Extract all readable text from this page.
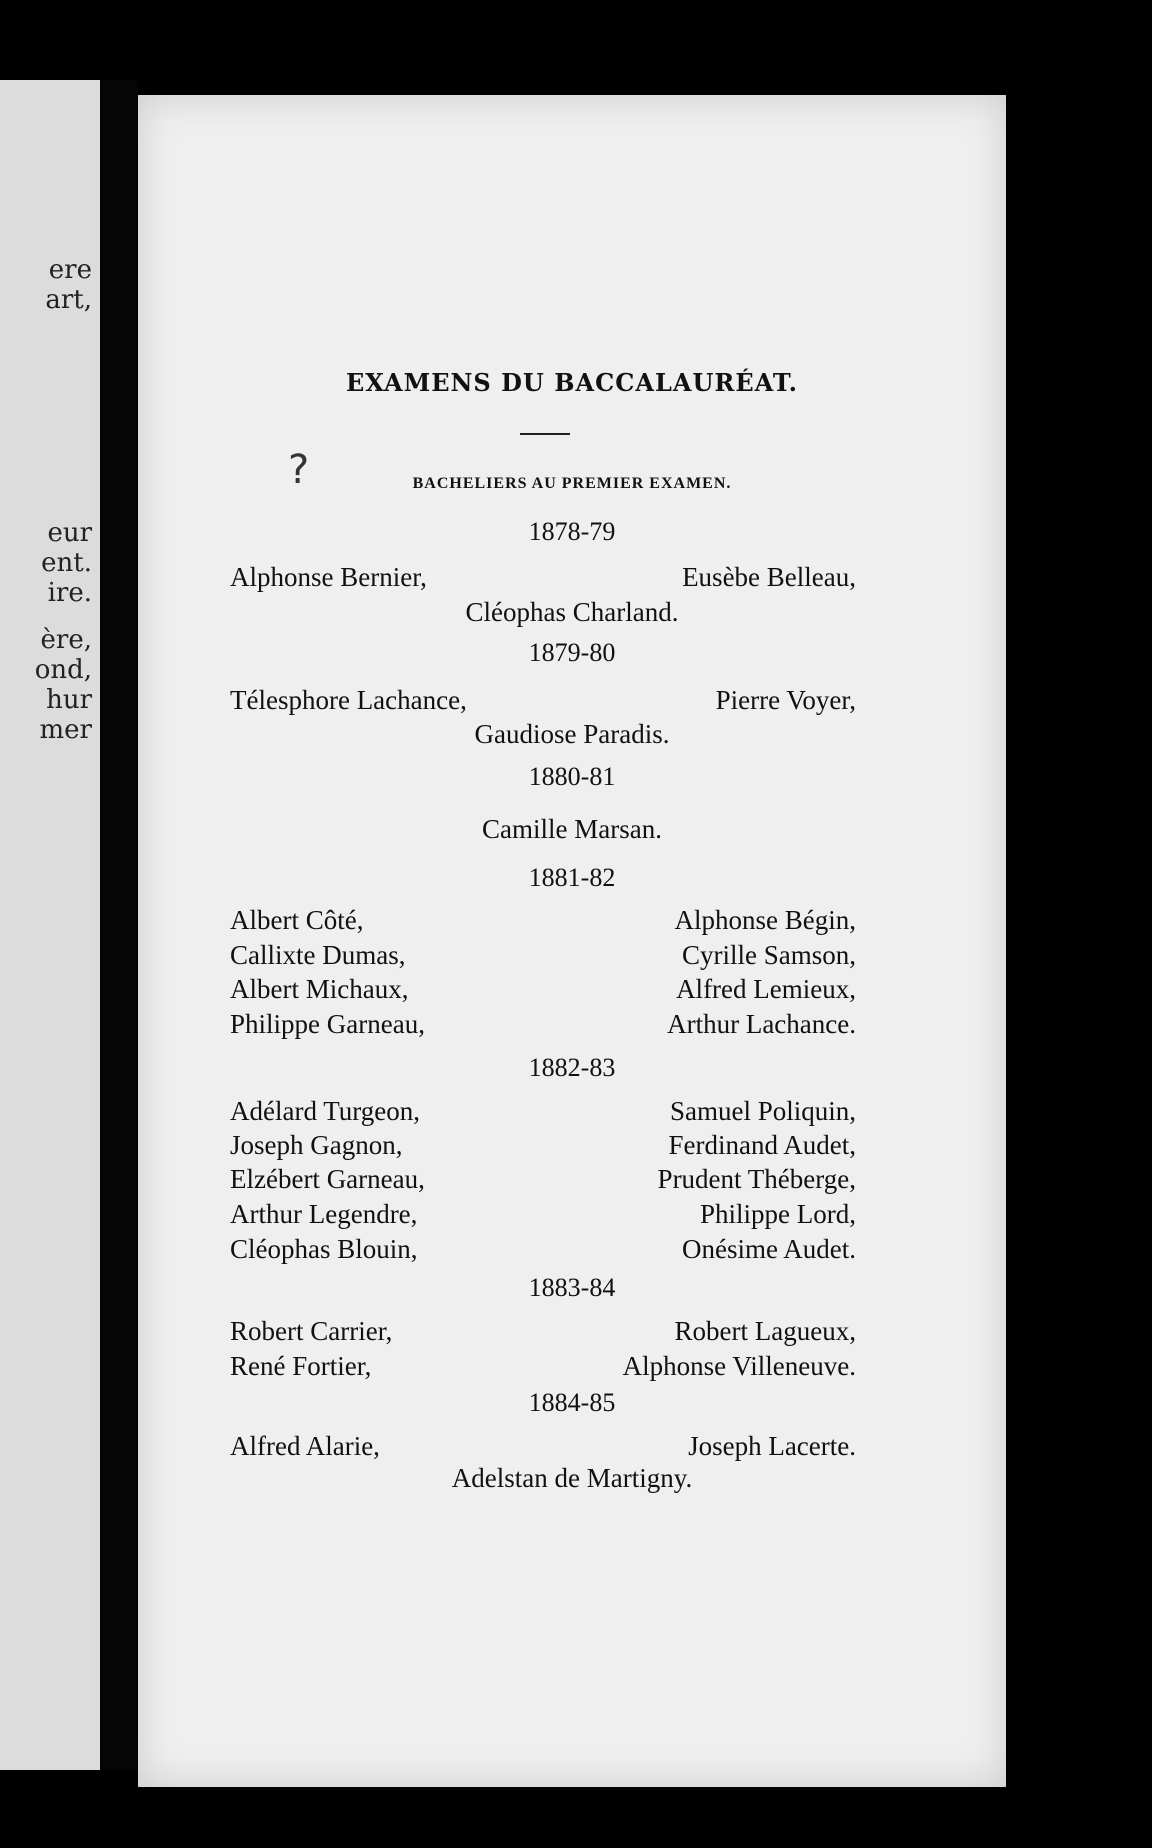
ere
art,
eur
ent.
ire.
ère,
ond,
hur
mer
EXAMENS DU BACCALAURÉAT.
?	BACHELIERS AU PREMIER EXAMEN.
1878-79
Alphonse Bernier,	Eusèbe Belleau,
Cléophas Charland.
1879-80
Télesphore Lachance,	Pierre Voyer,
Gaudiose Paradis.
1880-81
Camille Marsan.
1881-82
Albert Côté,	Alphonse Bégin,
Callixte Dumas,	Cyrille Samson,
Albert Michaux,	Alfred Lemieux,
Philippe Garneau,	Arthur Lachance.
1882-83
Adélard Turgeon,	Samuel Poliquin,
Joseph Gagnon,	Ferdinand Audet,
Elzébert Garneau,	Prudent Théberge,
Arthur Legendre,	Philippe Lord,
Cléophas Blouin,	Onésime Audet.
1883-84
Robert Carrier,	Robert Lagueux,
René Fortier,	Alphonse Villeneuve.
1884-85
Alfred Alarie,	Joseph Lacerte.
Adelstan de Martigny.
